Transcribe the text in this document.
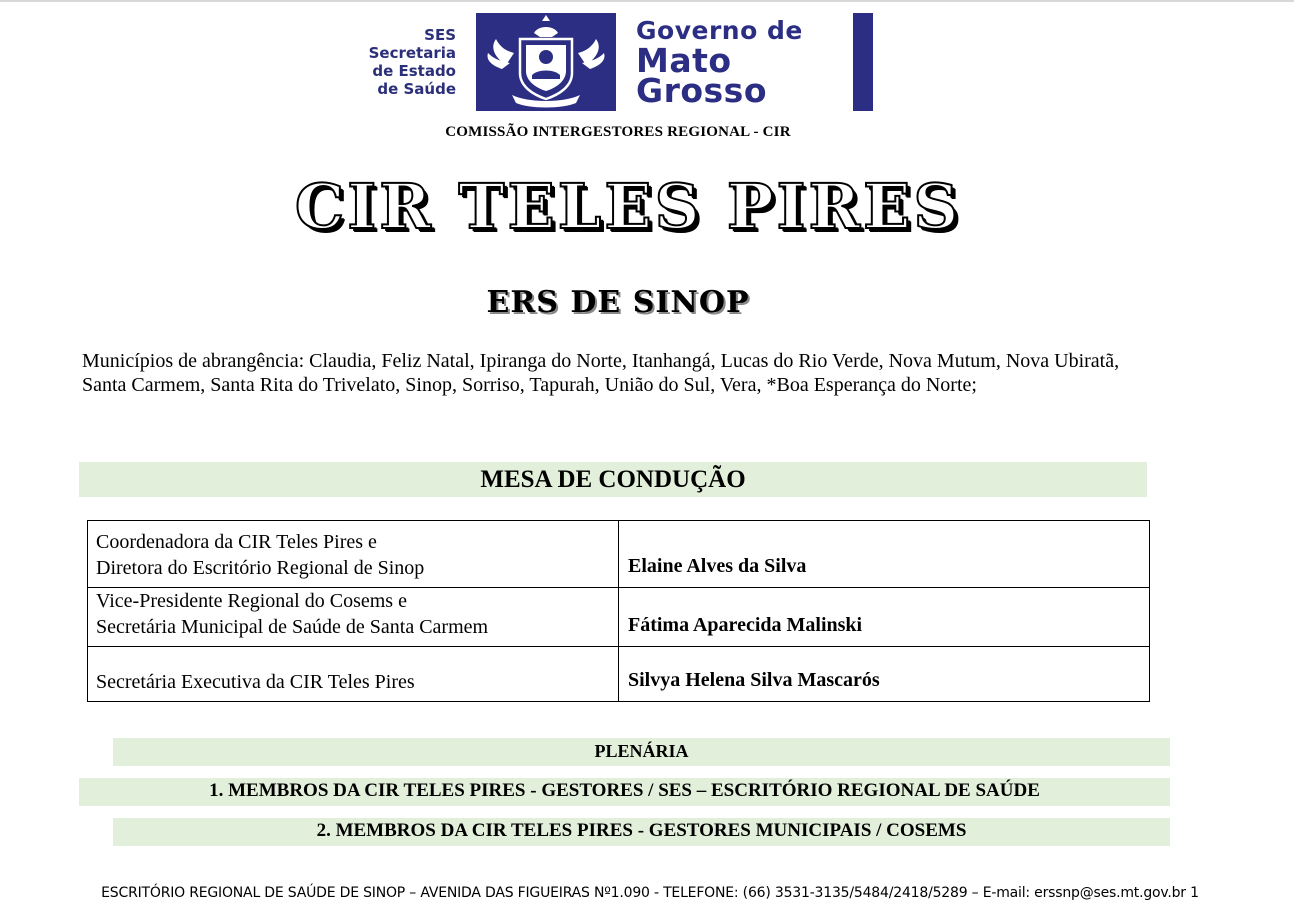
SES
Secretaria
de Estado
de Saúde
Governo de
Mato
Grosso
COMISSÃO INTERGESTORES REGIONAL - CIR
CIR TELES PIRES
ERS DE SINOP
Municípios de abrangência: Claudia, Feliz Natal, Ipiranga do Norte, Itanhangá, Lucas do Rio Verde, Nova Mutum, Nova Ubiratã, Santa Carmem, Santa Rita do Trivelato, Sinop, Sorriso, Tapurah, União do Sul, Vera, *Boa Esperança do Norte;
MESA DE CONDUÇÃO
Coordenadora da CIR Teles Pires e
Diretora do Escritório Regional de Sinop	Elaine Alves da Silva

Vice-Presidente Regional do Cosems e
Secretária Municipal de Saúde de Santa Carmem	Fátima Aparecida Malinski

Secretária Executiva da CIR Teles Pires	Silvya Helena Silva Mascarós
PLENÁRIA
1. MEMBROS DA CIR TELES PIRES - GESTORES / SES – ESCRITÓRIO REGIONAL DE SAÚDE
2. MEMBROS DA CIR TELES PIRES - GESTORES MUNICIPAIS / COSEMS
ESCRITÓRIO REGIONAL DE SAÚDE DE SINOP – AVENIDA DAS FIGUEIRAS Nº1.090 - TELEFONE: (66) 3531-3135/5484/2418/5289 – E-mail: erssnp@ses.mt.gov.br 1
